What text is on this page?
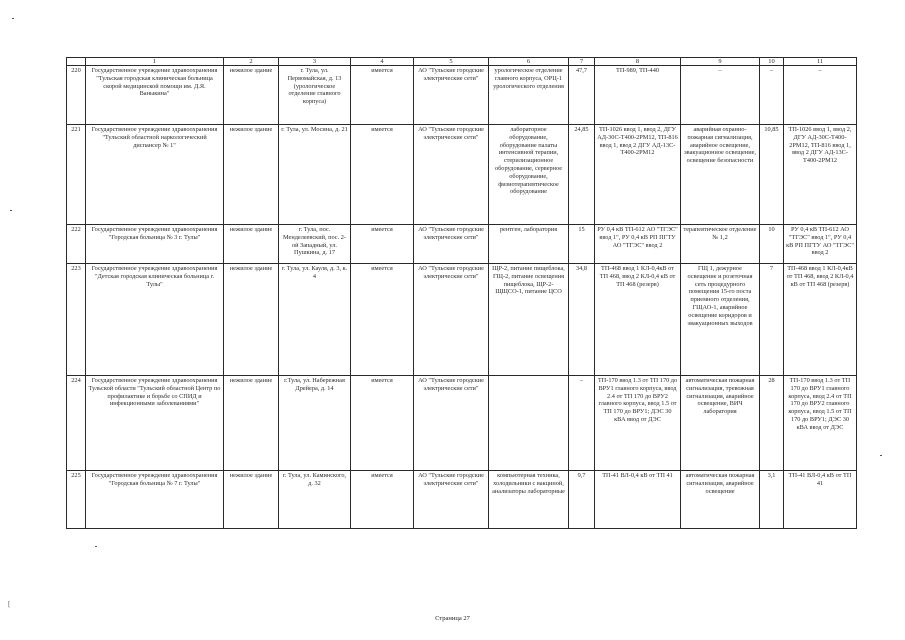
	1	2	3	4	5	6	7	8	9	10	11
220	Государственное учреждение здравоохранения "Тульская городская клиническая больница скорой медицинской помощи им. Д.Я. Ваныкина"	нежилое здание	г. Тула, ул. Первомайская, д. 13 (урологическое отделение главного корпуса)	имеется	АО "Тульские городские электрические сети"	урологическое отделение главного корпуса, ОРЦ-1 урологического отделения	47,7	ТП-989, ТП-440	–	–	–
221	Государственное учреждение здравоохранения "Тульский областной наркологический диспансер № 1"	нежилое здание	г. Тула, ул. Мосина, д. 21	имеется	АО "Тульские городские электрические сети"	лабораторное оборудование, оборудование палаты интенсивной терапии, стерилизационное оборудование, серверное оборудование, физиотерапевтическое оборудование	24,85	ТП-1026 ввод 1, ввод 2, ДГУ АД-30С-Т400-2РМ12, ТП-816 ввод 1, ввод 2 ДГУ АД-13С-Т400-2РМ12	аварийная охранно-пожарная сигнализация, аварийное освещение, эвакуационное освещение, освещение безопасности	10,85	ТП-1026 ввод 1, ввод 2, ДГУ АД-30С-Т400-2РМ12, ТП-816 ввод 1, ввод 2 ДГУ АД-13С-Т400-2РМ12
222	Государственное учреждение здравоохранения "Городская больница № 3 г. Тулы"	нежилое здание	г. Тула, пос. Менделеевский, пос. 2-ой Западный, ул. Пушкина, д. 17	имеется	АО "Тульские городские электрические сети"	рентген, лаборатория	15	РУ 0,4 кВ ТП-612 АО "ТГЭС" ввод 1", РУ 0,4 кВ РП ПГТУ АО "ТГЭС" ввод 2	терапевтическое отделение № 1,2	10	РУ 0,4 кВ ТП-612 АО "ТГЭС" ввод 1", РУ 0,4 кВ РП ПГТУ АО "ТГЭС" ввод 2
223	Государственное учреждение здравоохранения "Детская городская клиническая больница г. Тулы"	нежилое здание	г. Тула, ул. Кауля, д. 3, к. 4	имеется	АО "Тульские городские электрические сети"	ЩР-2, питание пищеблока, ГЩ-2, питание освещения пищеблока, ЩР-2-ЩЩСО-1, питание ЦСО	34,8	ТП-468 ввод 1 КЛ-0,4кВ от ТП 468, ввод 2 КЛ-0,4 кВ от ТП 468 (резерв)	ГЩ 1, дежурное освещение и розеточная сеть процедурного помещения 15-го поста приемного отделения, ГЩАО-1, аварийное освещение коридоров и эвакуационных выходов	7	ТП-468 ввод 1 КЛ-0,4кВ от ТП 468, ввод 2 КЛ-0,4 кВ от ТП 468 (резерв)
224	Государственное учреждение здравоохранения Тульской области "Тульский областной Центр по профилактике и борьбе со СПИД и инфекционными заболеваниями"	нежилое здание	г.Тула, ул. Набережная Дрейера, д. 14	имеется	АО "Тульские городские электрические сети"		–	ТП-170 ввод 1.3 от ТП 170 до ВРУ1 главного корпуса, ввод 2.4 от ТП 170 до ВРУ2 главного корпуса, ввод 1.5 от ТП 170 до ВРУ1; ДЭС 30 кВА ввод от ДЭС	автоматическая пожарная сигнализация, тревожная сигнализация, аварийное освещение, ВИЧ лаборатория	28	ТП-170 ввод 1.3 от ТП 170 до ВРУ1 главного корпуса, ввод 2.4 от ТП 170 до ВРУ2 главного корпуса, ввод 1.5 от ТП 170 до ВРУ1; ДЭС 30 кВА ввод от ДЭС
225	Государственное учреждение здравоохранения "Городская больница № 7 г. Тулы"	нежилое здание	г. Тула, ул. Каминского, д. 32	имеется	АО "Тульские городские электрические сети"	компьютерная техника, холодильники с вакциной, анализаторы лабораторные	9,7	ТП-41 ВЛ-0,4 кВ от ТП 41	автоматическая пожарная сигнализация, аварийное освещение	3,1	ТП-41 ВЛ-0,4 кВ от ТП 41
[
Страница 27
